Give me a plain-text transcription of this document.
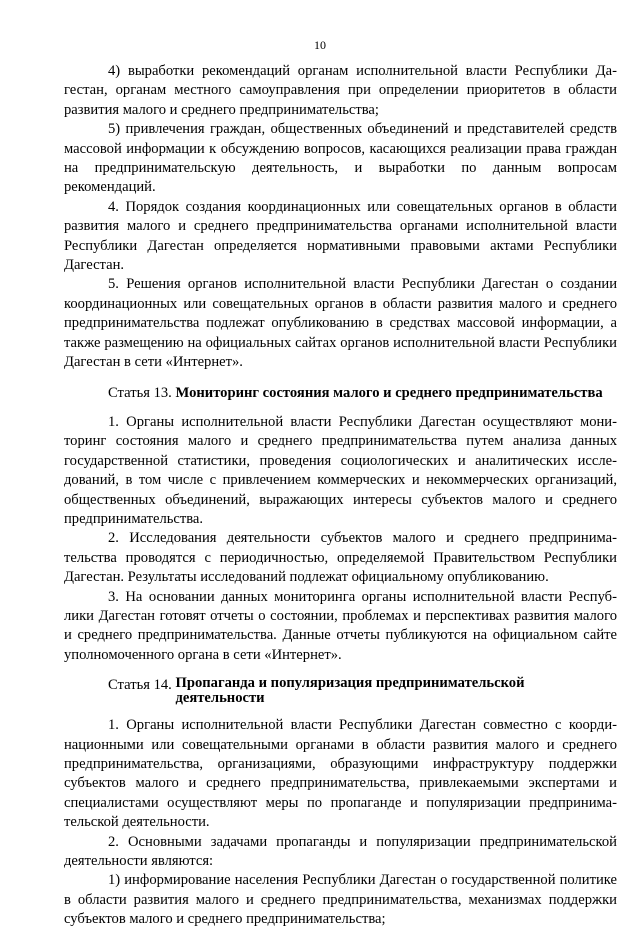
10

4) выработки рекомендаций органам исполнительной власти Республики Дагестан, органам местного самоуправления при определении приоритетов в области развития малого и среднего предпринимательства;

5) привлечения граждан, общественных объединений и представителей средств массовой информации к обсуждению вопросов, касающихся реализации права граждан на предпринимательскую деятельность, и выработки по данным вопросам рекомендаций.

4. Порядок создания координационных или совещательных органов в области развития малого и среднего предпринимательства органами исполнительной власти Республики Дагестан определяется нормативными правовыми актами Республики Дагестан.

5. Решения органов исполнительной власти Республики Дагестан о создании координационных или совещательных органов в области развития малого и среднего предпринимательства подлежат опубликованию в средствах массовой информации, а также размещению на официальных сайтах органов исполнительной власти Республики Дагестан в сети «Интернет».

Статья 13. Мониторинг состояния малого и среднего предпринимательства

1. Органы исполнительной власти Республики Дагестан осуществляют мониторинг состояния малого и среднего предпринимательства путем анализа данных государственной статистики, проведения социологических и аналитических исследований, в том числе с привлечением коммерческих и некоммерческих организаций, общественных объединений, выражающих интересы субъектов малого и среднего предпринимательства.

2. Исследования деятельности субъектов малого и среднего предпринимательства проводятся с периодичностью, определяемой Правительством Республики Дагестан. Результаты исследований подлежат официальному опубликованию.

3. На основании данных мониторинга органы исполнительной власти Республики Дагестан готовят отчеты о состоянии, проблемах и перспективах развития малого и среднего предпринимательства. Данные отчеты публикуются на официальном сайте уполномоченного органа в сети «Интернет».

Статья 14.
Пропаганда и популяризация предпринимательской
деятельности

1. Органы исполнительной власти Республики Дагестан совместно с координационными или совещательными органами в области развития малого и среднего предпринимательства, организациями, образующими инфраструктуру поддержки субъектов малого и среднего предпринимательства, привлекаемыми экспертами и специалистами осуществляют меры по пропаганде и популяризации предпринимательской деятельности.

2. Основными задачами пропаганды и популяризации предпринимательской деятельности являются:

1) информирование населения Республики Дагестан о государственной политике в области развития малого и среднего предпринимательства, механизмах поддержки субъектов малого и среднего предпринимательства;
